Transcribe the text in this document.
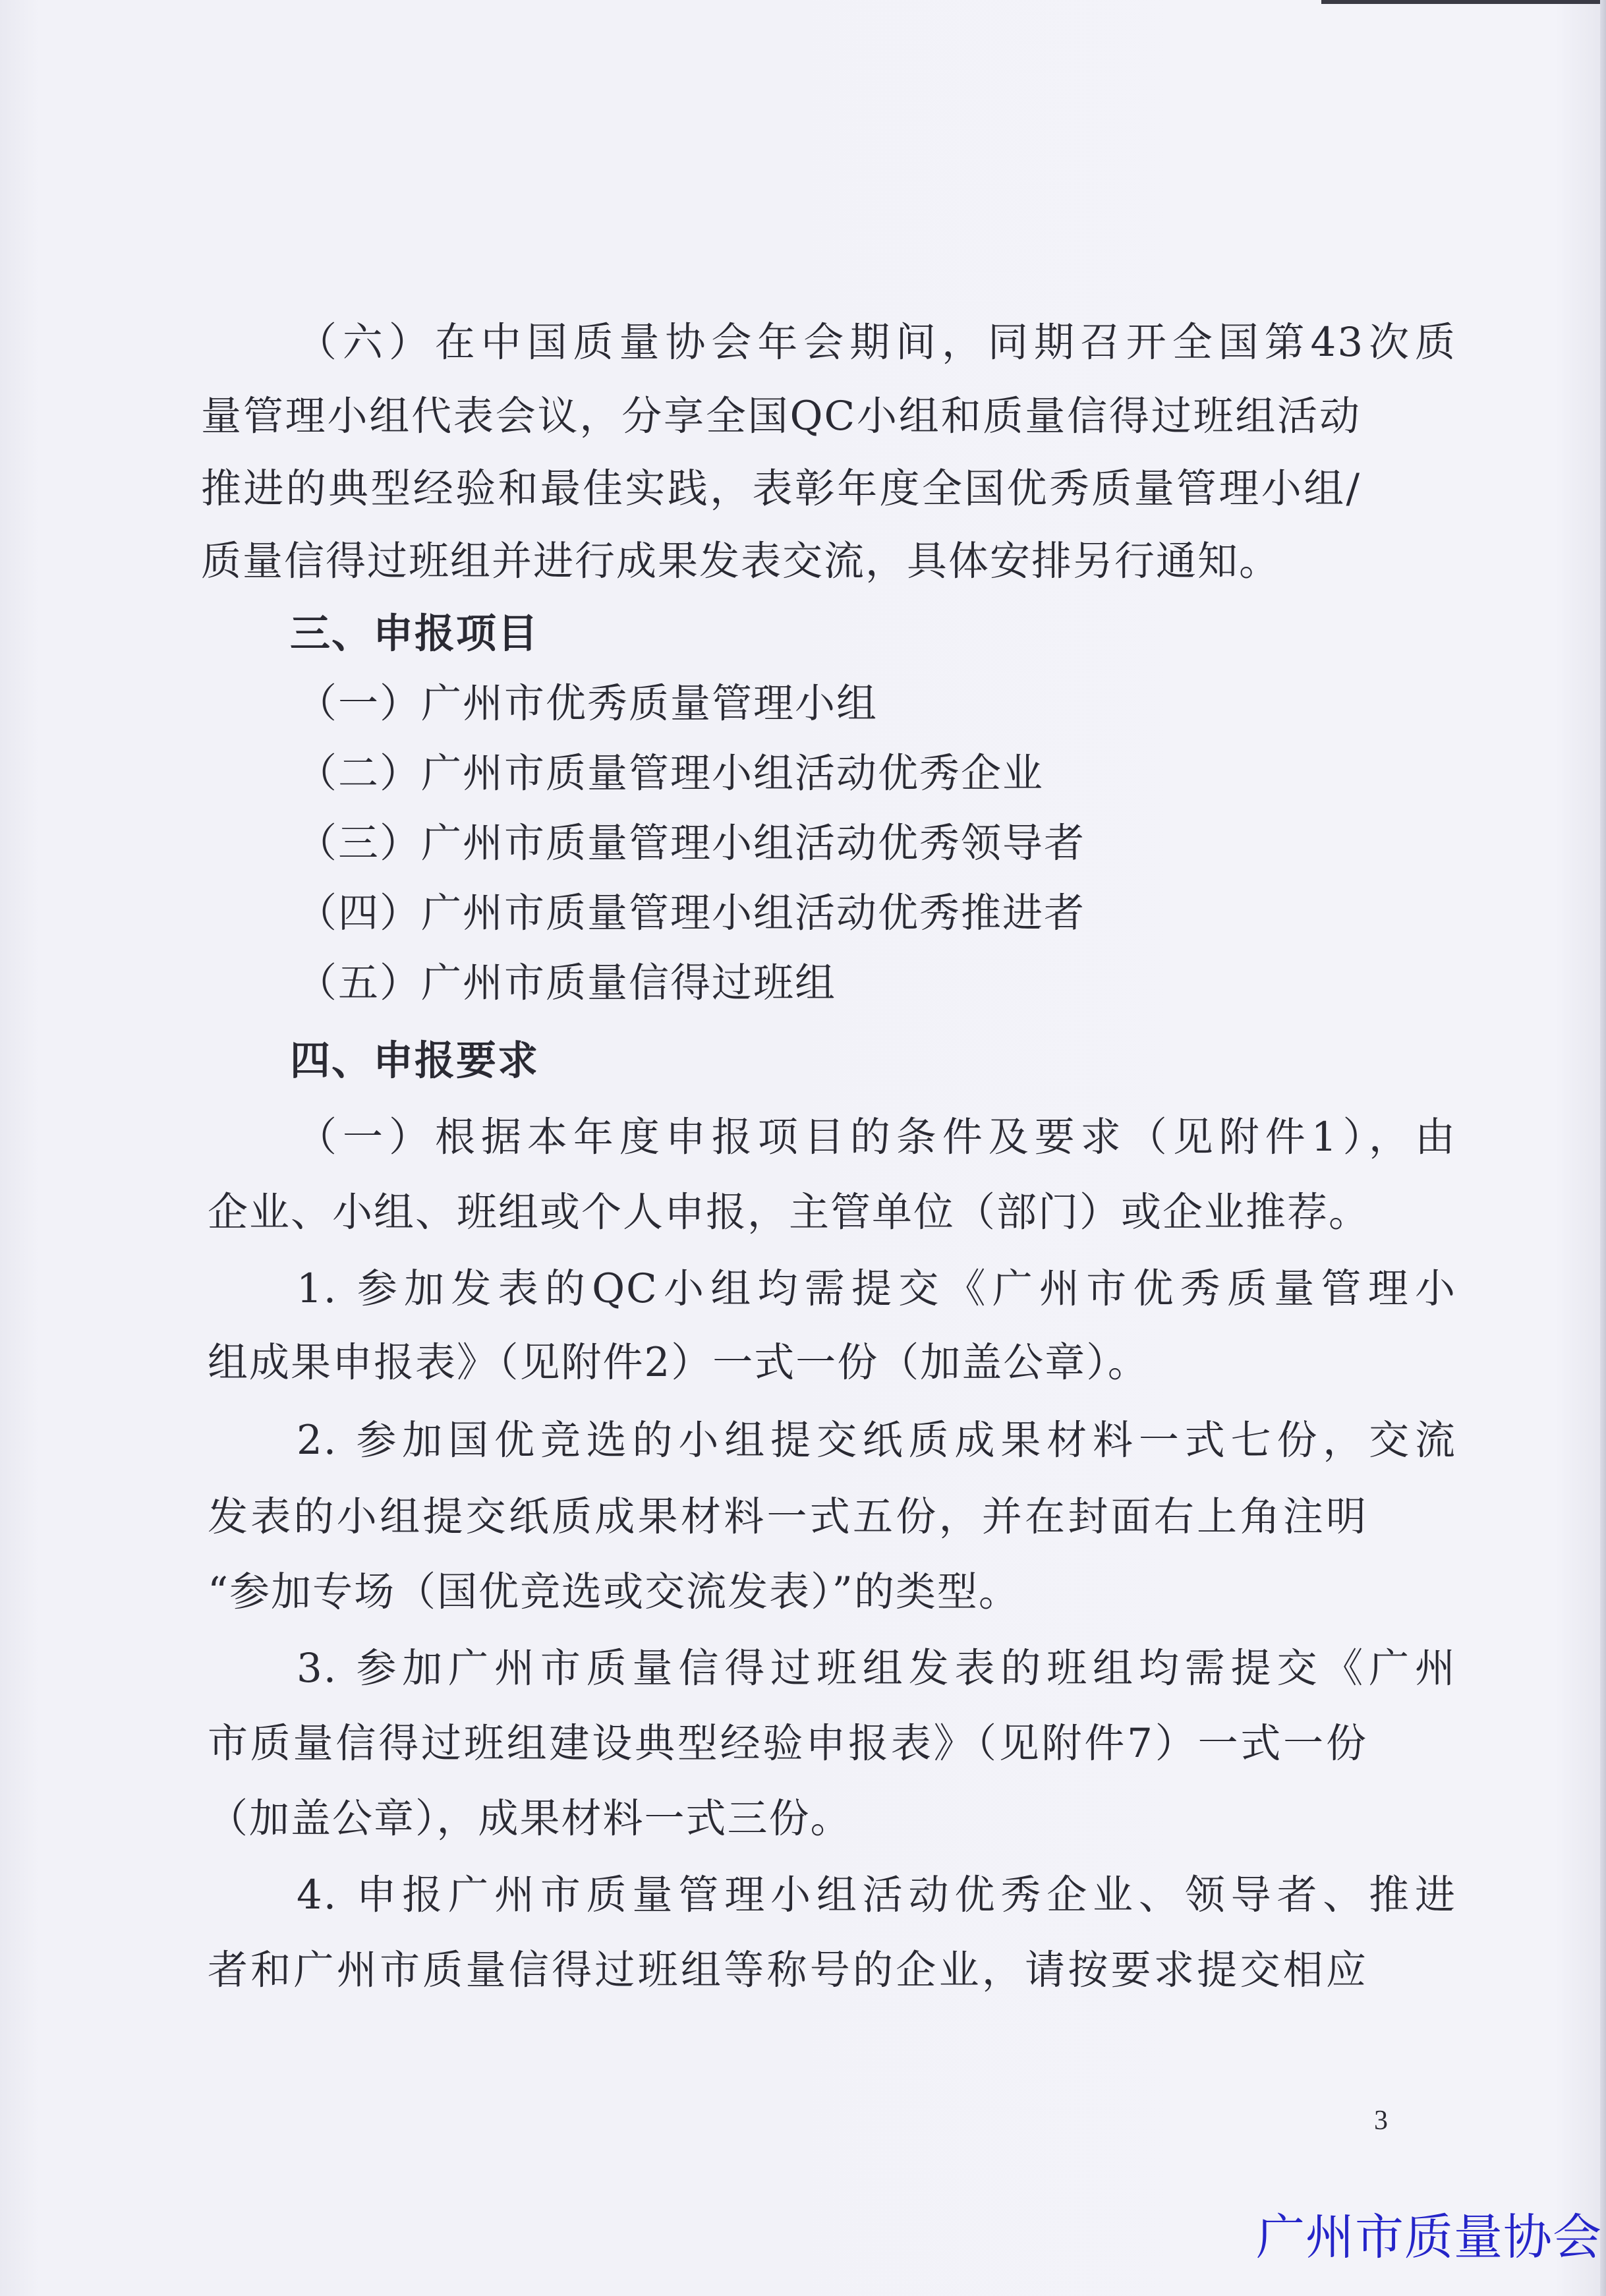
（六）在中国质量协会年会期间，同期召开全国第43次质
量管理小组代表会议，分享全国QC小组和质量信得过班组活动
推进的典型经验和最佳实践，表彰年度全国优秀质量管理小组/
质量信得过班组并进行成果发表交流，具体安排另行通知。
三、申报项目
（一）广州市优秀质量管理小组
（二）广州市质量管理小组活动优秀企业
（三）广州市质量管理小组活动优秀领导者
（四）广州市质量管理小组活动优秀推进者
（五）广州市质量信得过班组
四、申报要求
（一）根据本年度申报项目的条件及要求（见附件1），由
企业、小组、班组或个人申报，主管单位（部门）或企业推荐。
1. 参加发表的QC小组均需提交《广州市优秀质量管理小
组成果申报表》（见附件2）一式一份（加盖公章）。
2. 参加国优竞选的小组提交纸质成果材料一式七份，交流
发表的小组提交纸质成果材料一式五份，并在封面右上角注明
“参加专场（国优竞选或交流发表）”的类型。
3. 参加广州市质量信得过班组发表的班组均需提交《广州
市质量信得过班组建设典型经验申报表》（见附件7）一式一份
（加盖公章），成果材料一式三份。
4. 申报广州市质量管理小组活动优秀企业、领导者、推进
者和广州市质量信得过班组等称号的企业，请按要求提交相应
3
广州市质量协会
